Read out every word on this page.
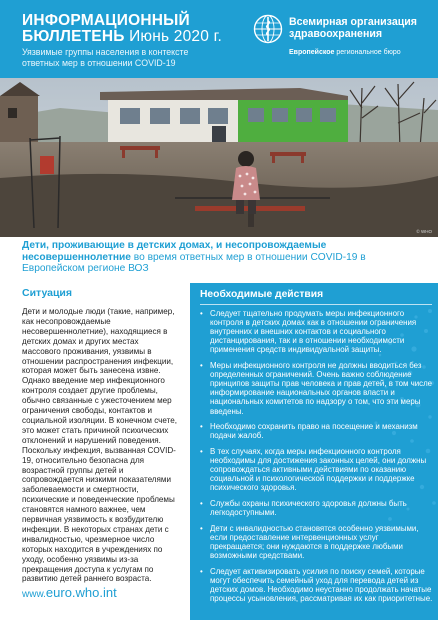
ИНФОРМАЦИОННЫЙ
БЮЛЛЕТЕНЬ Июнь 2020 г.
Уязвимые группы населения в контексте
ответных мер в отношении COVID-19
Всемирная организация
здравоохранения
Европейское региональное бюро
© WHO
Дети, проживающие в детских домах, и несопровождаемые несовершеннолетние во время ответных мер в отношении COVID-19 в Европейском регионе ВОЗ
Ситуация
Дети и молодые люди (такие, например, как несопровождаемые несовершеннолетние), находящиеся в детских домах и других местах массового проживания, уязвимы в отношении распространения инфекции, которая может быть занесена извне. Однако введение мер инфекционного контроля создает другие проблемы, обычно связанные с ужесточением мер ограничения свободы, контактов и социальной изоляции. В конечном счете, это может стать причиной психических отклонений и нарушений поведения. Поскольку инфекция, вызванная COVID-19, относительно безопасна для возрастной группы детей и сопровождается низкими показателями заболеваемости и смертности, психические и поведенческие проблемы становятся намного важнее, чем первичная уязвимость к возбудителю инфекции. В некоторых странах дети с инвалидностью, чрезмерное число которых находится в учреждениях по уходу, особенно уязвимы из-за прекращения доступа к услугам по развитию детей раннего возраста.
www.euro.who.int
Необходимые действия
• Следует тщательно продумать меры инфекционного контроля в детских домах как в отношении ограничения внутренних и внешних контактов и социального дистанцирования, так и в отношении необходимости применения средств индивидуальной защиты.
• Меры инфекционного контроля не должны вводиться без определенных ограничений. Очень важно соблюдение принципов защиты прав человека и прав детей, в том числе информирование национальных органов власти и национальных комитетов по надзору о том, что эти меры введены.
• Необходимо сохранить право на посещение и механизм подачи жалоб.
• В тех случаях, когда меры инфекционного контроля необходимы для достижения законных целей, они должны сопровождаться активными действиями по оказанию социальной и психологической поддержки и поддержке психического здоровья.
• Службы охраны психического здоровья должны быть легкодоступными.
• Дети с инвалидностью становятся особенно уязвимыми, если предоставление интервенционных услуг прекращается; они нуждаются в поддержке любыми возможными средствами.
• Следует активизировать усилия по поиску семей, которые могут обеспечить семейный уход для перевода детей из детских домов. Необходимо неустанно продолжать начатые процессы усыновления, рассматривая их как приоритетные.
